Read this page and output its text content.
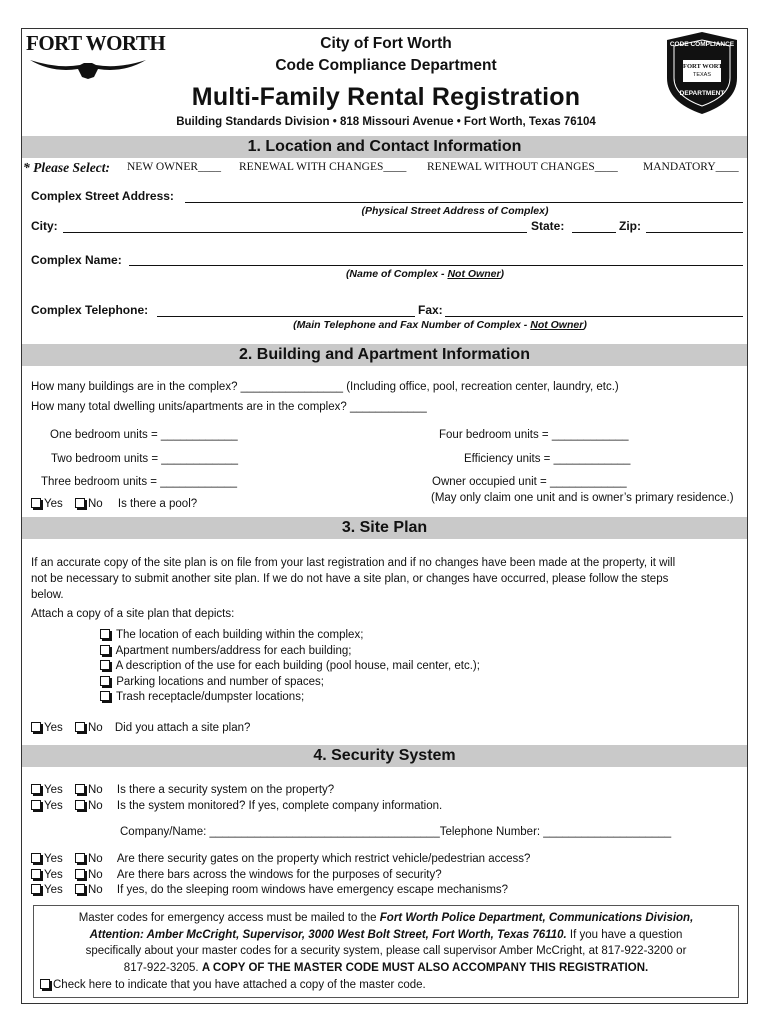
FORT WORTH	City of Fort Worth
Code Compliance Department
Multi-Family Rental Registration
Building Standards Division • 818 Missouri Avenue • Fort Worth, Texas 76104
CODE COMPLIANCE
FORT WORTH
TEXAS
DEPARTMENT
1. Location and Contact Information
* Please Select: NEW OWNER____ RENEWAL WITH CHANGES____ RENEWAL WITHOUT CHANGES____ MANDATORY____
Complex Street Address:
(Physical Street Address of Complex)
City:	State:	Zip:
Complex Name:
(Name of Complex - Not Owner)
Complex Telephone:	Fax:
(Main Telephone and Fax Number of Complex - Not Owner)
2. Building and Apartment Information
How many buildings are in the complex? ________________ (Including office, pool, recreation center, laundry, etc.)
How many total dwelling units/apartments are in the complex? ____________
One bedroom units = ____________
Two bedroom units = ____________
Three bedroom units = ____________
Four bedroom units = ____________
Efficiency units = ____________
Owner occupied unit = ____________
(May only claim one unit and is owner’s primary residence.)
Yes No Is there a pool?
3. Site Plan
If an accurate copy of the site plan is on file from your last registration and if no changes have been made at the property, it will
not be necessary to submit another site plan. If we do not have a site plan, or changes have occurred, please follow the steps
below.
Attach a copy of a site plan that depicts:
The location of each building within the complex;
Apartment numbers/address for each building;
A description of the use for each building (pool house, mail center, etc.);
Parking locations and number of spaces;
Trash receptacle/dumpster locations;
Yes No Did you attach a site plan?
4. Security System
Yes No Is there a security system on the property?
Yes No Is the system monitored? If yes, complete company information.
Company/Name: ____________________________________Telephone Number: ____________________
Yes No Are there security gates on the property which restrict vehicle/pedestrian access?
Yes No Are there bars across the windows for the purposes of security?
Yes No If yes, do the sleeping room windows have emergency escape mechanisms?
Master codes for emergency access must be mailed to the Fort Worth Police Department, Communications Division,
Attention: Amber McCright, Supervisor, 3000 West Bolt Street, Fort Worth, Texas 76110. If you have a question
specifically about your master codes for a security system, please call supervisor Amber McCright, at 817-922-3200 or
817-922-3205. A COPY OF THE MASTER CODE MUST ALSO ACCOMPANY THIS REGISTRATION.
Check here to indicate that you have attached a copy of the master code.
